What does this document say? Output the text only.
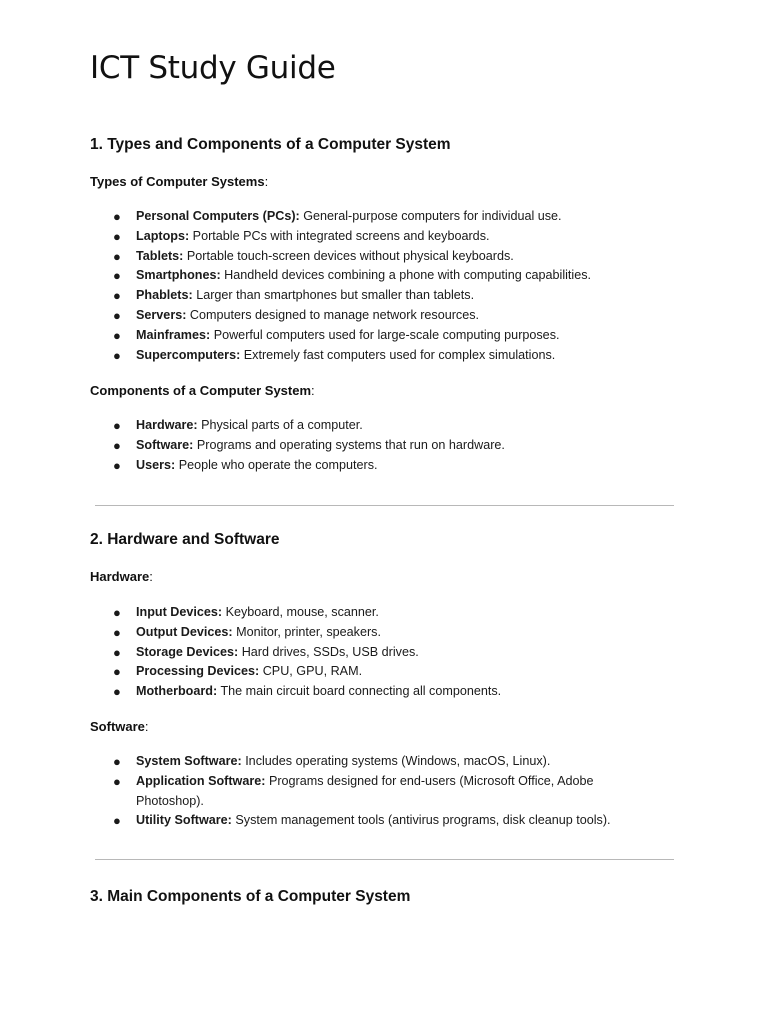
ICT Study Guide
1. Types and Components of a Computer System
Types of Computer Systems:
● Personal Computers (PCs): General-purpose computers for individual use.
● Laptops: Portable PCs with integrated screens and keyboards.
● Tablets: Portable touch-screen devices without physical keyboards.
● Smartphones: Handheld devices combining a phone with computing capabilities.
● Phablets: Larger than smartphones but smaller than tablets.
● Servers: Computers designed to manage network resources.
● Mainframes: Powerful computers used for large-scale computing purposes.
● Supercomputers: Extremely fast computers used for complex simulations.
Components of a Computer System:
● Hardware: Physical parts of a computer.
● Software: Programs and operating systems that run on hardware.
● Users: People who operate the computers.
2. Hardware and Software
Hardware:
● Input Devices: Keyboard, mouse, scanner.
● Output Devices: Monitor, printer, speakers.
● Storage Devices: Hard drives, SSDs, USB drives.
● Processing Devices: CPU, GPU, RAM.
● Motherboard: The main circuit board connecting all components.
Software:
● System Software: Includes operating systems (Windows, macOS, Linux).
● Application Software: Programs designed for end-users (Microsoft Office, Adobe Photoshop).
● Utility Software: System management tools (antivirus programs, disk cleanup tools).
3. Main Components of a Computer System
